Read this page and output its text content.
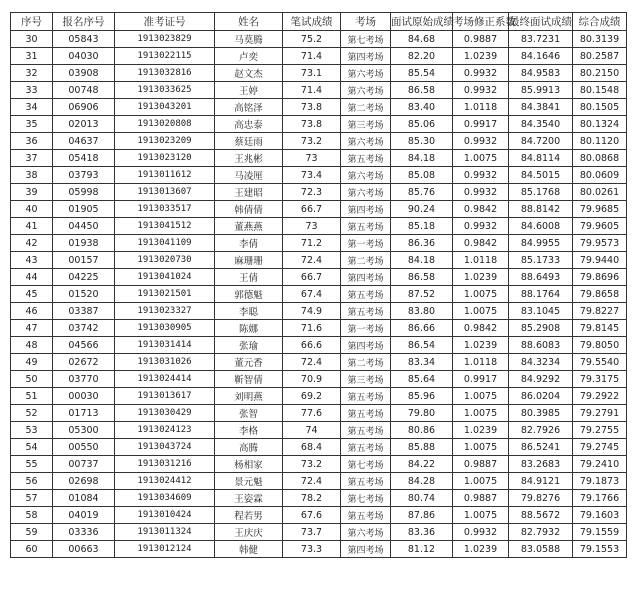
序号	报名序号	准考证号	姓名	笔试成绩	考场	面试原始成绩	考场修正系数	最终面试成绩	综合成绩
30	05843	1913023829	马莫腾	75.2	第七考场	84.68	0.9887	83.7231	80.3139
31	04030	1913022115	卢奕	71.4	第四考场	82.20	1.0239	84.1646	80.2587
32	03908	1913032816	赵文杰	73.1	第六考场	85.54	0.9932	84.9583	80.2150
33	00748	1913033625	王婷	71.4	第六考场	86.58	0.9932	85.9913	80.1548
34	06906	1913043201	高铭泽	73.8	第二考场	83.40	1.0118	84.3841	80.1505
35	02013	1913020808	高忠泰	73.8	第三考场	85.06	0.9917	84.3540	80.1324
36	04637	1913023209	蔡廷雨	73.2	第六考场	85.30	0.9932	84.7200	80.1120
37	05418	1913023120	王兆彬	73	第五考场	84.18	1.0075	84.8114	80.0868
38	03793	1913011612	马凌厘	73.4	第六考场	85.08	0.9932	84.5015	80.0609
39	05998	1913013607	王建昭	72.3	第六考场	85.76	0.9932	85.1768	80.0261
40	01905	1913033517	韩倩倩	66.7	第四考场	90.24	0.9842	88.8142	79.9685
41	04450	1913041512	董燕燕	73	第五考场	85.18	0.9932	84.6008	79.9605
42	01938	1913041109	李倩	71.2	第一考场	86.36	0.9842	84.9955	79.9573
43	00157	1913020730	麻珊珊	72.4	第二考场	84.18	1.0118	85.1733	79.9440
44	04225	1913041024	王倩	66.7	第四考场	86.58	1.0239	88.6493	79.8696
45	01520	1913021501	郭德魁	67.4	第五考场	87.52	1.0075	88.1764	79.8658
46	03387	1913023327	李聪	74.9	第五考场	83.80	1.0075	83.1045	79.8227
47	03742	1913030905	陈娜	71.6	第一考场	86.66	0.9842	85.2908	79.8145
48	04566	1913031414	张瑜	66.6	第四考场	86.54	1.0239	88.6083	79.8050
49	02672	1913031026	董元香	72.4	第二考场	83.34	1.0118	84.3234	79.5540
50	03770	1913024414	靳智倩	70.9	第三考场	85.64	0.9917	84.9292	79.3175
51	00030	1913013617	刘明燕	69.2	第五考场	85.96	1.0075	86.0204	79.2922
52	01713	1913030429	张智	77.6	第五考场	79.80	1.0075	80.3985	79.2791
53	05300	1913024123	李格	74	第五考场	80.86	1.0239	82.7926	79.2755
54	00550	1913043724	高腾	68.4	第五考场	85.88	1.0075	86.5241	79.2745
55	00737	1913031216	杨相家	73.2	第七考场	84.22	0.9887	83.2683	79.2410
56	02698	1913024412	景元魁	72.4	第五考场	84.28	1.0075	84.9121	79.1873
57	01084	1913034609	王姿霖	78.2	第七考场	80.74	0.9887	79.8276	79.1766
58	04019	1913010424	程若男	67.6	第五考场	87.86	1.0075	88.5672	79.1603
59	03336	1913011324	王庆庆	73.7	第六考场	83.36	0.9932	82.7932	79.1559
60	00663	1913012124	韩健	73.3	第四考场	81.12	1.0239	83.0588	79.1553
